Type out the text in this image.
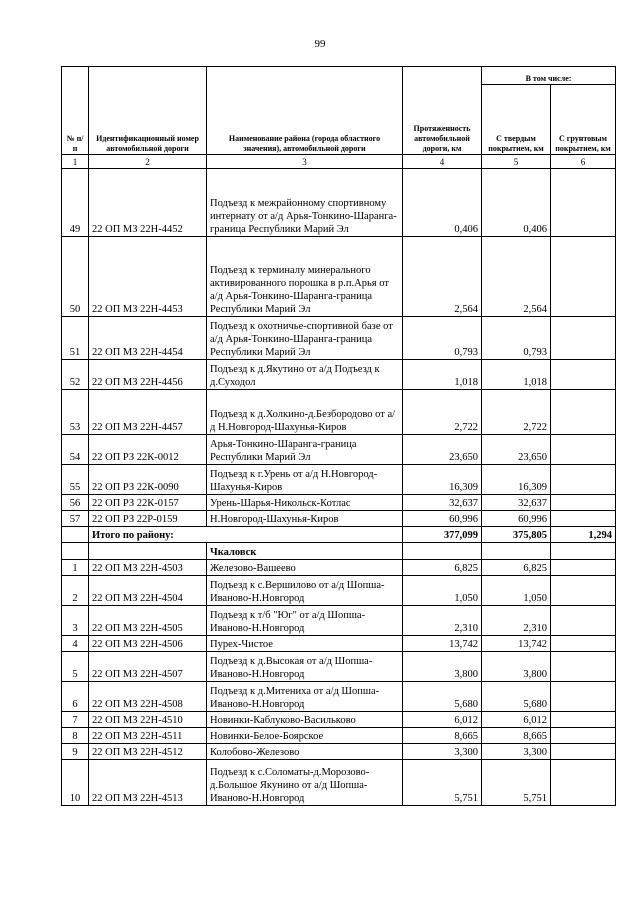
99
№ п/п	Идентификационный номер автомобильной дороги	Наименование района (города областного значения), автомобильной дороги	Протяженность автомобильной дороги, км	В том числе:	
				С твердым покрытием, км	С грунтовым покрытием, км
1	2	3	4	5	6
49	22 ОП МЗ 22Н-4452	Подъезд к межрайонному спортивному интернату от а/д Арья-Тонкино-Шаранга-граница Республики Марий Эл	0,406	0,406	
50	22 ОП МЗ 22Н-4453	Подъезд к терминалу минерального активированного порошка в р.п.Арья от а/д Арья-Тонкино-Шаранга-граница Республики Марий Эл	2,564	2,564	
51	22 ОП МЗ 22Н-4454	Подъезд к охотничье-спортивной базе от а/д Арья-Тонкино-Шаранга-граница Республики Марий Эл	0,793	0,793	
52	22 ОП МЗ 22Н-4456	Подъезд к д.Якутино от а/д Подъезд к д.Суходол	1,018	1,018	
53	22 ОП МЗ 22Н-4457	Подъезд к д.Холкино-д.Безбородово от а/д Н.Новгород-Шахунья-Киров	2,722	2,722	
54	22 ОП РЗ 22К-0012	Арья-Тонкино-Шаранга-граница Республики Марий Эл	23,650	23,650	
55	22 ОП РЗ 22К-0090	Подъезд к г.Урень от а/д Н.Новгород-Шахунья-Киров	16,309	16,309	
56	22 ОП РЗ 22К-0157	Урень-Шарья-Никольск-Котлас	32,637	32,637	
57	22 ОП РЗ 22Р-0159	Н.Новгород-Шахунья-Киров	60,996	60,996	
	Итого по району:		377,099	375,805	1,294
		Чкаловск			
1	22 ОП МЗ 22Н-4503	Железово-Вашеево	6,825	6,825	
2	22 ОП МЗ 22Н-4504	Подъезд к с.Вершилово от а/д Шопша-Иваново-Н.Новгород	1,050	1,050	
3	22 ОП МЗ 22Н-4505	Подъезд к т/б "Юг" от а/д Шопша-Иваново-Н.Новгород	2,310	2,310	
4	22 ОП МЗ 22Н-4506	Пурех-Чистое	13,742	13,742	
5	22 ОП МЗ 22Н-4507	Подъезд к д.Высокая от а/д Шопша-Иваново-Н.Новгород	3,800	3,800	
6	22 ОП МЗ 22Н-4508	Подъезд к д.Митениха от а/д Шопша-Иваново-Н.Новгород	5,680	5,680	
7	22 ОП МЗ 22Н-4510	Новинки-Каблуково-Васильково	6,012	6,012	
8	22 ОП МЗ 22Н-4511	Новинки-Белое-Боярское	8,665	8,665	
9	22 ОП МЗ 22Н-4512	Колобово-Железово	3,300	3,300	
10	22 ОП МЗ 22Н-4513	Подъезд к с.Соломаты-д.Морозово-д.Большое Якунино от а/д Шопша-Иваново-Н.Новгород	5,751	5,751	
